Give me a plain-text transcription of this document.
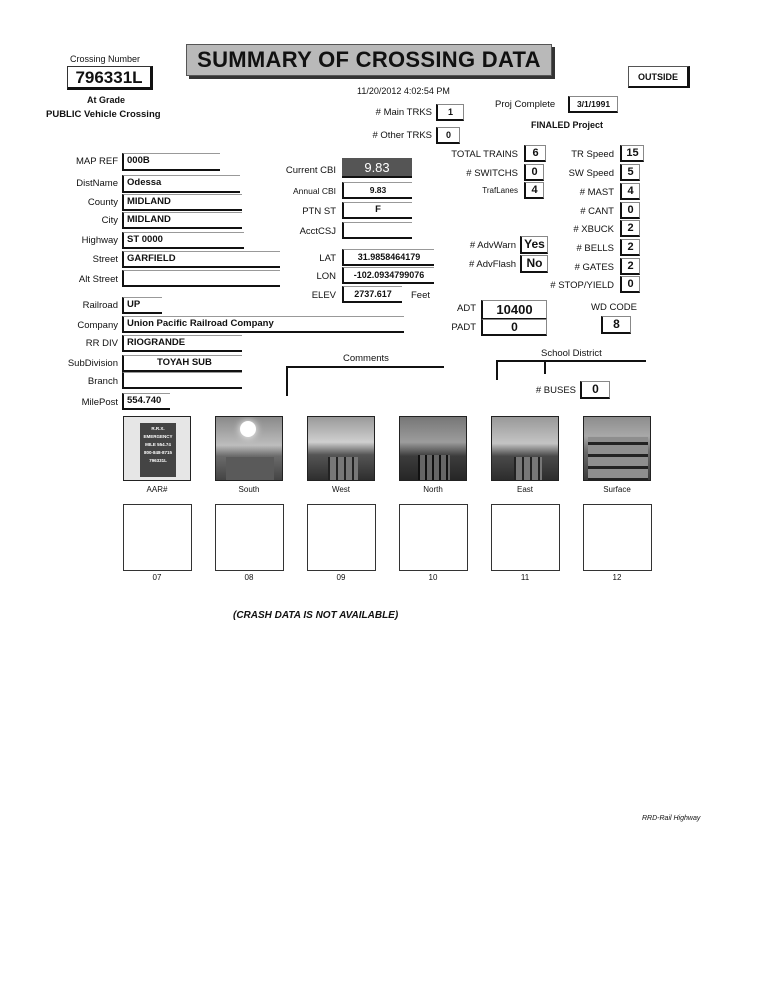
Crossing Number
796331L
At Grade
PUBLIC Vehicle Crossing
SUMMARY OF CROSSING DATA
OUTSIDE
11/20/2012 4:02:54 PM
# Main TRKS	1
# Other TRKS	0
Proj Complete	3/1/1991
FINALED Project
MAP REF 000B
DistName Odessa
County MIDLAND
City MIDLAND
Highway ST 0000
Street GARFIELD
Alt Street
Railroad UP
Company Union Pacific Railroad Company
RR DIV RIOGRANDE
SubDivision	TOYAH SUB
Branch
MilePost 554.740
Current CBI	9.83
Annual CBI	9.83
PTN ST	F
AcctCSJ
LAT	31.9858464179
LON	-102.0934799076
ELEV	2737.617	Feet
Comments
TOTAL TRAINS	6
# SWITCHS	0
TrafLanes	4
TR Speed	15
SW Speed	5
# MAST	4
# CANT	0
# XBUCK	2
# BELLS	2
# GATES	2
# STOP/YIELD	0
# AdvWarn Yes
# AdvFlash No
ADT	10400
PADT	0
WD CODE
8
School District
# BUSES	0
R.R.X.
EMERGENCY
MILE 554.74
800-848-8715
796331L
AAR#	South	West	North	East	Surface
07	08	09	10	11	12
(CRASH DATA IS NOT AVAILABLE)
RRD-Rail Highway
